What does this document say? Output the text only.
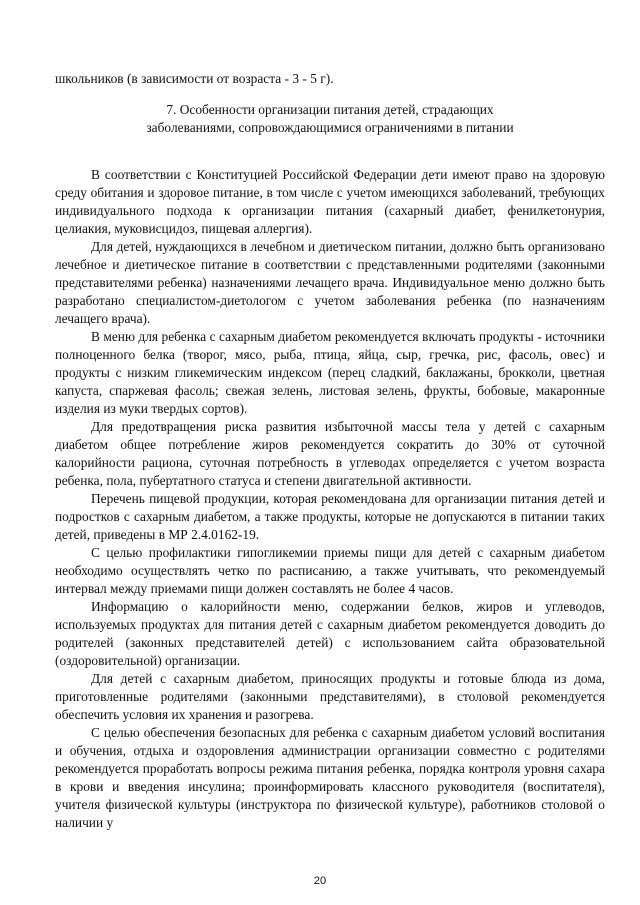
школьников (в зависимости от возраста - 3 - 5 г).

7. Особенности организации питания детей, страдающих
заболеваниями, сопровождающимися ограничениями в питании

В соответствии с Конституцией Российской Федерации дети имеют право на здоровую среду обитания и здоровое питание, в том числе с учетом имеющихся заболеваний, требующих индивидуального подхода к организации питания (сахарный диабет, фенилкетонурия, целиакия, муковисцидоз, пищевая аллергия).

Для детей, нуждающихся в лечебном и диетическом питании, должно быть организовано лечебное и диетическое питание в соответствии с представленными родителями (законными представителями ребенка) назначениями лечащего врача. Индивидуальное меню должно быть разработано специалистом-диетологом с учетом заболевания ребенка (по назначениям лечащего врача).

В меню для ребенка с сахарным диабетом рекомендуется включать продукты - источники полноценного белка (творог, мясо, рыба, птица, яйца, сыр, гречка, рис, фасоль, овес) и продукты с низким гликемическим индексом (перец сладкий, баклажаны, брокколи, цветная капуста, спаржевая фасоль; свежая зелень, листовая зелень, фрукты, бобовые, макаронные изделия из муки твердых сортов).

Для предотвращения риска развития избыточной массы тела у детей с сахарным диабетом общее потребление жиров рекомендуется сократить до 30% от суточной калорийности рациона, суточная потребность в углеводах определяется с учетом возраста ребенка, пола, пубертатного статуса и степени двигательной активности.

Перечень пищевой продукции, которая рекомендована для организации питания детей и подростков с сахарным диабетом, а также продукты, которые не допускаются в питании таких детей, приведены в МР 2.4.0162-19.

С целью профилактики гипогликемии приемы пищи для детей с сахарным диабетом необходимо осуществлять четко по расписанию, а также учитывать, что рекомендуемый интервал между приемами пищи должен составлять не более 4 часов.

Информацию о калорийности меню, содержании белков, жиров и углеводов, используемых продуктах для питания детей с сахарным диабетом рекомендуется доводить до родителей (законных представителей детей) с использованием сайта образовательной (оздоровительной) организации.

Для детей с сахарным диабетом, приносящих продукты и готовые блюда из дома, приготовленные родителями (законными представителями), в столовой рекомендуется обеспечить условия их хранения и разогрева.

С целью обеспечения безопасных для ребенка с сахарным диабетом условий воспитания и обучения, отдыха и оздоровления администрации организации совместно с родителями рекомендуется проработать вопросы режима питания ребенка, порядка контроля уровня сахара в крови и введения инсулина; проинформировать классного руководителя (воспитателя), учителя физической культуры (инструктора по физической культуре), работников столовой о наличии у

20
